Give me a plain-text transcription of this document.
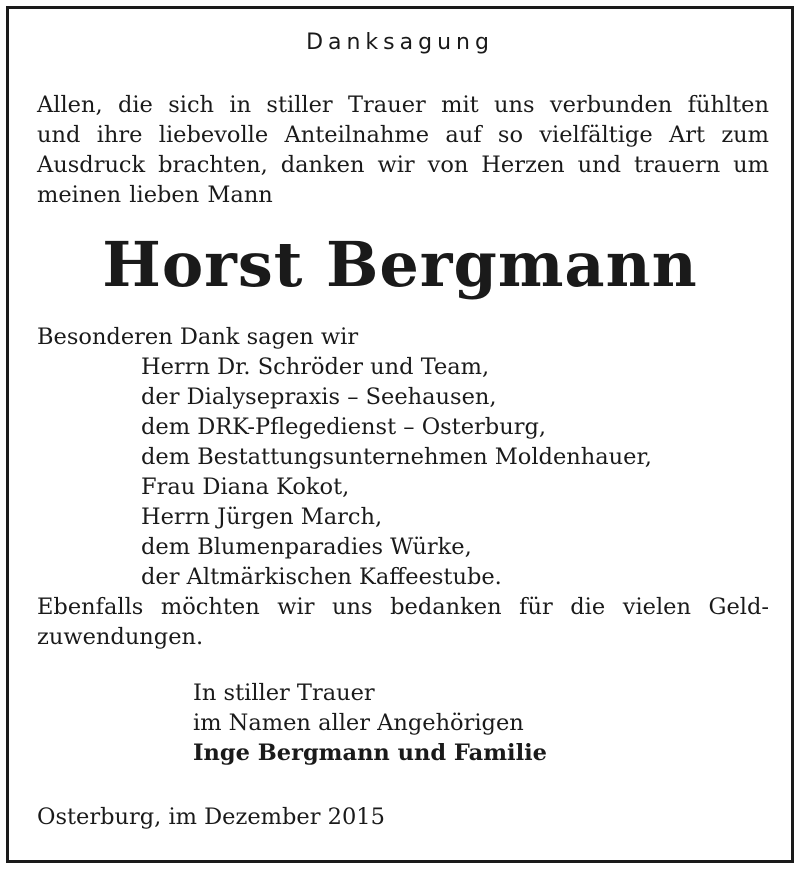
Danksagung
Allen, die sich in stiller Trauer mit uns verbunden fühlten
und ihre liebevolle Anteilnahme auf so vielfältige Art zum
Ausdruck brachten, danken wir von Herzen und trauern um
meinen lieben Mann
Horst Bergmann
Besonderen Dank sagen wir
Herrn Dr. Schröder und Team,
der Dialysepraxis – Seehausen,
dem DRK-Pflegedienst – Osterburg,
dem Bestattungsunternehmen Moldenhauer,
Frau Diana Kokot,
Herrn Jürgen March,
dem Blumenparadies Würke,
der Altmärkischen Kaffeestube.
Ebenfalls möchten wir uns bedanken für die vielen Geld-
zuwendungen.
In stiller Trauer
im Namen aller Angehörigen
Inge Bergmann und Familie
Osterburg, im Dezember 2015
